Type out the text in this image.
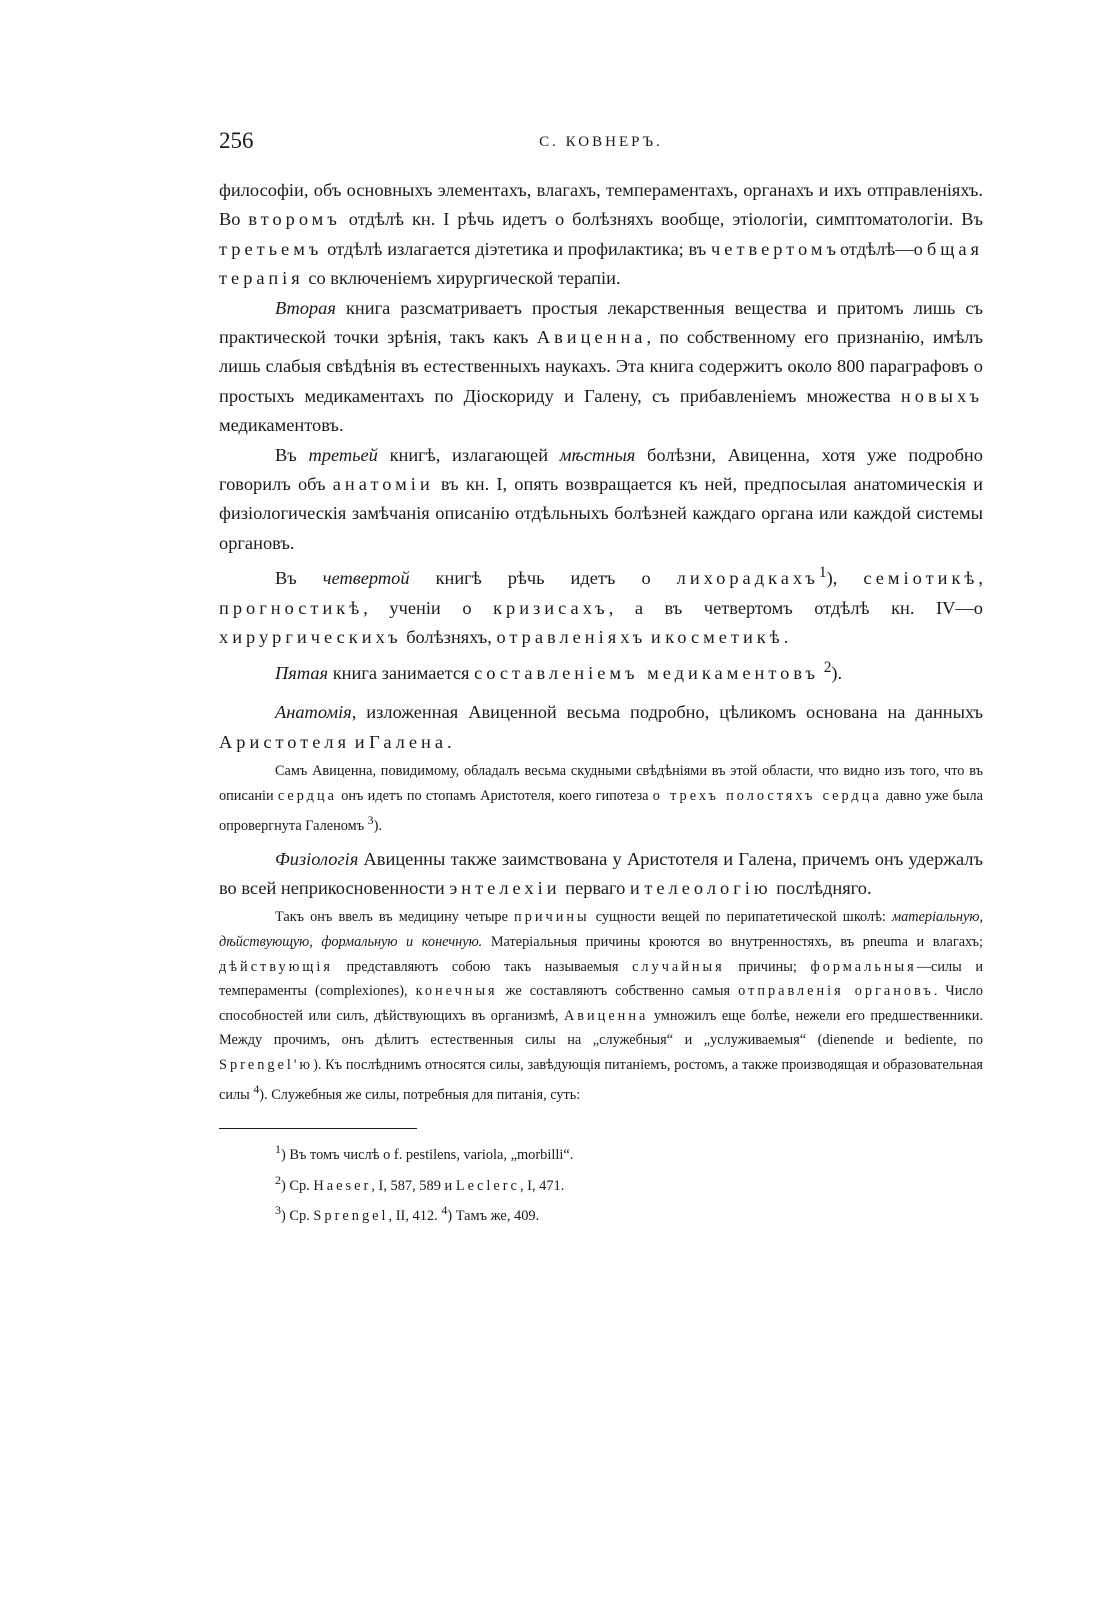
256	С. КОВНЕРЪ.

философіи, объ основныхъ элементахъ, влагахъ, темпераментахъ, органахъ и ихъ отправленіяхъ. Во второмъ отдѣлѣ кн. I рѣчь идетъ о болѣзняхъ вообще, этіологіи, симптоматологіи. Въ третьемъ отдѣлѣ излагается діэтетика и профилактика; въ четвертомъотдѣлѣ—общая терапія со включеніемъ хирургической терапіи.

Вторая книга разсматриваетъ простыя лекарственныя вещества и притомъ лишь съ практической точки зрѣнія, такъ какъ Авиценна, по собственному его признанію, имѣлъ лишь слабыя свѣдѣнія въ естественныхъ наукахъ. Эта книга содержитъ около 800 параграфовъ о простыхъ медикаментахъ по Діоскориду и Галену, съ прибавленіемъ множества новыхъ медикаментовъ.

Въ третьей книгѣ, излагающей мѣстныя болѣзни, Авиценна, хотя уже подробно говорилъ объ анатоміи въ кн. I, опять возвращается къ ней, предпосылая анатомическія и физіологическія замѣчанія описанію отдѣльныхъ болѣзней каждаго органа или каждой системы органовъ.

Въ четвертой книгѣ рѣчь идетъ о лихорадкахъ$^1$), семіотикѣ, прогностикѣ, ученіи о кризисахъ, а въ четвертомъ отдѣлѣ кн. IV—о хирургическихъ болѣзняхъ, отравленіяхъ и косметикѣ.

Пятая книга занимается составленіемъ медикаментовъ $^2$).

Анатомія, изложенная Авиценной весьма подробно, цѣликомъ основана на данныхъ Аристотеля и Галена.

Самъ Авиценна, повидимому, обладалъ весьма скудными свѣдѣніями въ этой области, что видно изъ того, что въ описаніи сердца онъ идетъ по стопамъ Аристотеля, коего гипотеза о трехъ полостяхъ сердца давно уже была опровергнута Галеномъ $^3$).

Физіологія Авиценны также заимствована у Аристотеля и Галена, причемъ онъ удержалъ во всей неприкосновенности энтелехіи перваго и телеологію послѣдняго.

Такъ онъ ввелъ въ медицину четыре причины сущности вещей по перипатетической школѣ: матеріальную, дѣйствующую, формальную и конечную. Матеріальныя причины кроются во внутренностяхъ, въ pneuma и влагахъ; дѣйствующія представляютъ собою такъ называемыя случайныя причины; формальныя—силы и темпераменты (complexiones), конечныя же составляютъ собственно самыя отправленія органовъ. Число способностей или силъ, дѣйствующихъ въ организмѣ, Авиценна умножилъ еще болѣе, нежели его предшественники. Между прочимъ, онъ дѣлитъ естественныя силы на „служебныя“ и „услуживаемыя“ (dienende и bediente, по Sprengel'ю). Къ послѣднимъ относятся силы, завѣдующія питаніемъ, ростомъ, а также производящая и образовательная силы $^4$). Служебныя же силы, потребныя для питанія, суть:

$^1$) Въ томъ числѣ o f. pestilens, variola, „morbilli“.
$^2$) Ср. Haeser, I, 587, 589 и Leclerc, I, 471.
$^3$) Ср. Sprengel, II, 412. $^4$) Тамъ же, 409.
